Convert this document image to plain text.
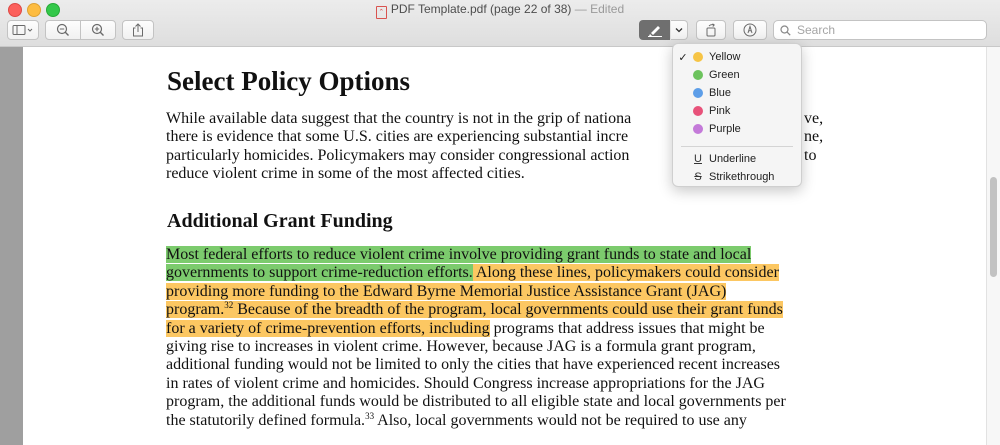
⌃ PDF Template.pdf (page 22 of 38) — Edited
Search
Select Policy Options
While available data suggest that the country is not in the grip of nationa
there is evidence that some U.S. cities are experiencing substantial incre
particularly homicides. Policymakers may consider congressional action
reduce violent crime in some of the most affected cities.
ve,
ne,
to
Additional Grant Funding
Most federal efforts to reduce violent crime involve providing grant funds to state and local
governments to support crime-reduction efforts. Along these lines, policymakers could consider
providing more funding to the Edward Byrne Memorial Justice Assistance Grant (JAG)
program.$^{32}$ Because of the breadth of the program, local governments could use their grant funds
for a variety of crime-prevention efforts, including programs that address issues that might be
giving rise to increases in violent crime. However, because JAG is a formula grant program,
additional funding would not be limited to only the cities that have experienced recent increases
in rates of violent crime and homicides. Should Congress increase appropriations for the JAG
program, the additional funds would be distributed to all eligible state and local governments per
the statutorily defined formula.$^{33}$ Also, local governments would not be required to use any
✓	Yellow
Green
Blue
Pink
Purple
U Underline
S Strikethrough
